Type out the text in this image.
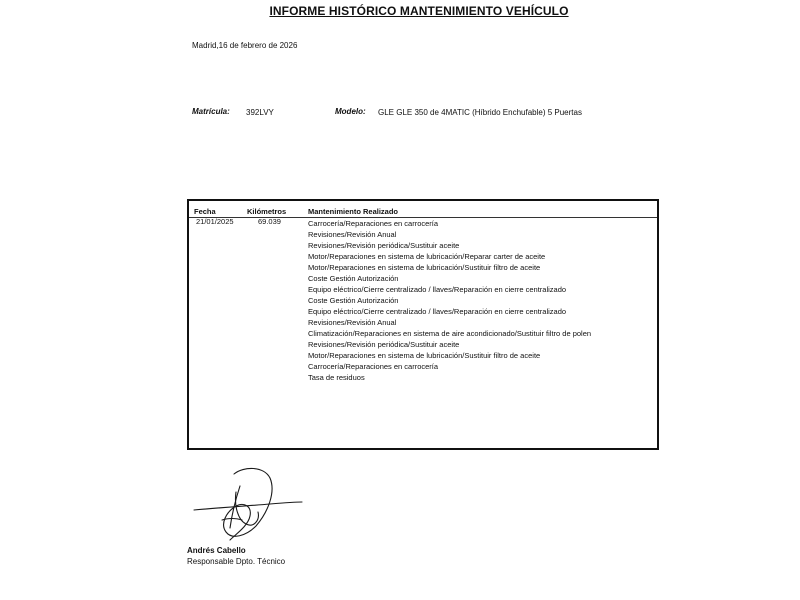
INFORME HISTÓRICO MANTENIMIENTO VEHÍCULO
Madrid,16 de febrero de 2026
Matrícula: 392LVY	Modelo: GLE GLE 350 de 4MATIC (Híbrido Enchufable) 5 Puertas
Fecha	Kilómetros	Mantenimiento Realizado
21/01/2025	69.039	Carrocería/Reparaciones en carrocería
Revisiones/Revisión Anual
Revisiones/Revisión periódica/Sustituir aceite
Motor/Reparaciones en sistema de lubricación/Reparar carter de aceite
Motor/Reparaciones en sistema de lubricación/Sustituir filtro de aceite
Coste Gestión Autorización
Equipo eléctrico/Cierre centralizado / llaves/Reparación en cierre centralizado
Coste Gestión Autorización
Equipo eléctrico/Cierre centralizado / llaves/Reparación en cierre centralizado
Revisiones/Revisión Anual
Climatización/Reparaciones en sistema de aire acondicionado/Sustituir filtro de polen
Revisiones/Revisión periódica/Sustituir aceite
Motor/Reparaciones en sistema de lubricación/Sustituir filtro de aceite
Carrocería/Reparaciones en carrocería
Tasa de residuos
Andrés Cabello
Responsable Dpto. Técnico
